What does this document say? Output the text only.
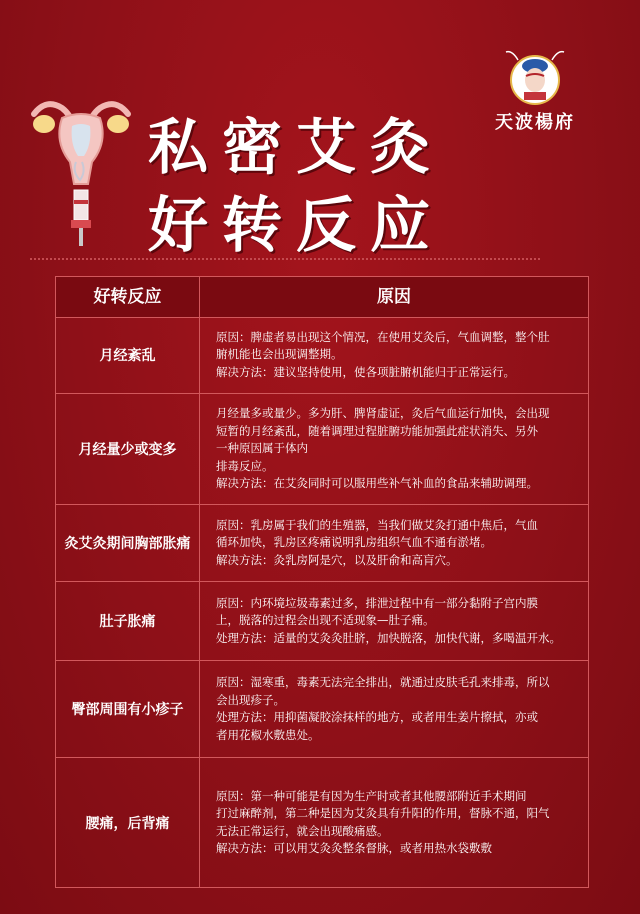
私密艾灸
好转反应
天波楊府
好转反应	原因
月经紊乱

原因：脾虚者易出现这个情况，在使用艾灸后，气血调整，整个肚

腑机能也会出现调整期。

解决方法：建议坚持使用，使各项脏腑机能归于正常运行。

月经量少或变多

月经量多或量少。多为肝、脾肾虚证，灸后气血运行加快，会出现

短暂的月经紊乱，随着调理过程脏腑功能加强此症状消失、另外

一种原因属于体内

排毒反应。

解决方法：在艾灸同时可以服用些补气补血的食品来辅助调理。

灸艾灸期间胸部胀痛

原因：乳房属于我们的生殖器，当我们做艾灸打通中焦后，气血

循环加快，乳房区疼痛说明乳房组织气血不通有淤堵。

解决方法：灸乳房阿是穴，以及肝俞和高肓穴。

肚子胀痛

原因：内环境垃圾毒素过多，排泄过程中有一部分黏附子宫内膜

上，脱落的过程会出现不适现象—肚子痛。

处理方法：适量的艾灸灸肚脐，加快脱落，加快代谢，多喝温开水。

臀部周围有小疹子

原因：湿寒重，毒素无法完全排出，就通过皮肤毛孔来排毒，所以

会出现疹子。

处理方法：用抑菌凝胶涂抹样的地方，或者用生姜片擦拭，亦或

者用花椒水敷患处。

腰痛，后背痛

原因：第一种可能是有因为生产时或者其他腰部附近手术期间

打过麻醉剂，第二种是因为艾灸具有升阳的作用，督脉不通，阳气

无法正常运行，就会出现酸痛感。

解决方法：可以用艾灸灸整条督脉，或者用热水袋敷敷
